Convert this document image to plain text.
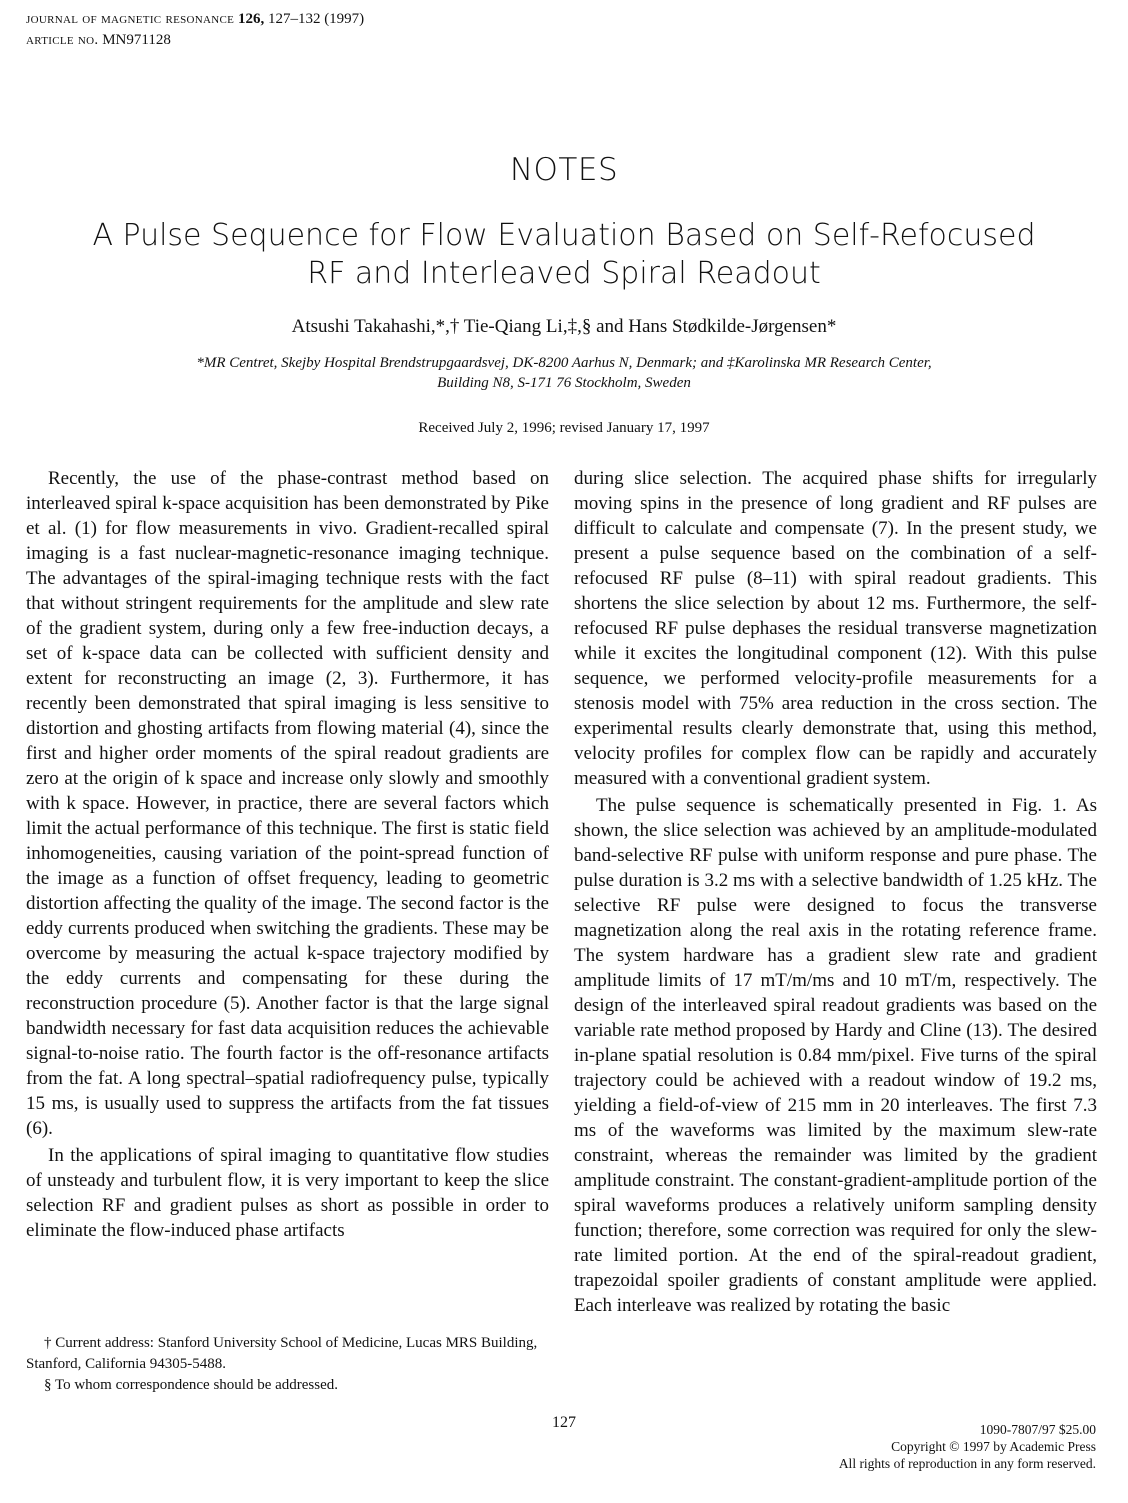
journal of magnetic resonance 126, 127–132 (1997)
article no. MN971128
NOTES
A Pulse Sequence for Flow Evaluation Based on Self-Refocused
RF and Interleaved Spiral Readout
Atsushi Takahashi,*,† Tie-Qiang Li,‡,§ and Hans Stødkilde-Jørgensen*
*MR Centret, Skejby Hospital Brendstrupgaardsvej, DK-8200 Aarhus N, Denmark; and ‡Karolinska MR Research Center,
Building N8, S-171 76 Stockholm, Sweden
Received July 2, 1996; revised January 17, 1997

Recently, the use of the phase-contrast method based on interleaved spiral k-space acquisition has been demonstrated by Pike et al. (1) for flow measurements in vivo. Gradient-recalled spiral imaging is a fast nuclear-magnetic-resonance imaging technique. The advantages of the spiral-imaging technique rests with the fact that without stringent requirements for the amplitude and slew rate of the gradient system, during only a few free-induction decays, a set of k-space data can be collected with sufficient density and extent for reconstructing an image (2, 3). Furthermore, it has recently been demonstrated that spiral imaging is less sensitive to distortion and ghosting artifacts from flowing material (4), since the first and higher order moments of the spiral readout gradients are zero at the origin of k space and increase only slowly and smoothly with k space. However, in practice, there are several factors which limit the actual performance of this technique. The first is static field inhomogeneities, causing variation of the point-spread function of the image as a function of offset frequency, leading to geometric distortion affecting the quality of the image. The second factor is the eddy currents produced when switching the gradients. These may be overcome by measuring the actual k-space trajectory modified by the eddy currents and compensating for these during the reconstruction procedure (5). Another factor is that the large signal bandwidth necessary for fast data acquisition reduces the achievable signal-to-noise ratio. The fourth factor is the off-resonance artifacts from the fat. A long spectral–spatial radiofrequency pulse, typically 15 ms, is usually used to suppress the artifacts from the fat tissues (6).

In the applications of spiral imaging to quantitative flow studies of unsteady and turbulent flow, it is very important to keep the slice selection RF and gradient pulses as short as possible in order to eliminate the flow-induced phase artifacts

during slice selection. The acquired phase shifts for irregularly moving spins in the presence of long gradient and RF pulses are difficult to calculate and compensate (7). In the present study, we present a pulse sequence based on the combination of a self-refocused RF pulse (8–11) with spiral readout gradients. This shortens the slice selection by about 12 ms. Furthermore, the self-refocused RF pulse dephases the residual transverse magnetization while it excites the longitudinal component (12). With this pulse sequence, we performed velocity-profile measurements for a stenosis model with 75% area reduction in the cross section. The experimental results clearly demonstrate that, using this method, velocity profiles for complex flow can be rapidly and accurately measured with a conventional gradient system.

The pulse sequence is schematically presented in Fig. 1. As shown, the slice selection was achieved by an amplitude-modulated band-selective RF pulse with uniform response and pure phase. The pulse duration is 3.2 ms with a selective bandwidth of 1.25 kHz. The selective RF pulse were designed to focus the transverse magnetization along the real axis in the rotating reference frame. The system hardware has a gradient slew rate and gradient amplitude limits of 17 mT/m/ms and 10 mT/m, respectively. The design of the interleaved spiral readout gradients was based on the variable rate method proposed by Hardy and Cline (13). The desired in-plane spatial resolution is 0.84 mm/pixel. Five turns of the spiral trajectory could be achieved with a readout window of 19.2 ms, yielding a field-of-view of 215 mm in 20 interleaves. The first 7.3 ms of the waveforms was limited by the maximum slew-rate constraint, whereas the remainder was limited by the gradient amplitude constraint. The constant-gradient-amplitude portion of the spiral waveforms produces a relatively uniform sampling density function; therefore, some correction was required for only the slew-rate limited portion. At the end of the spiral-readout gradient, trapezoidal spoiler gradients of constant amplitude were applied. Each interleave was realized by rotating the basic

† Current address: Stanford University School of Medicine, Lucas MRS Building, Stanford, California 94305-5488.

§ To whom correspondence should be addressed.

127	1090-7807/97 $25.00
Copyright © 1997 by Academic Press
All rights of reproduction in any form reserved.
